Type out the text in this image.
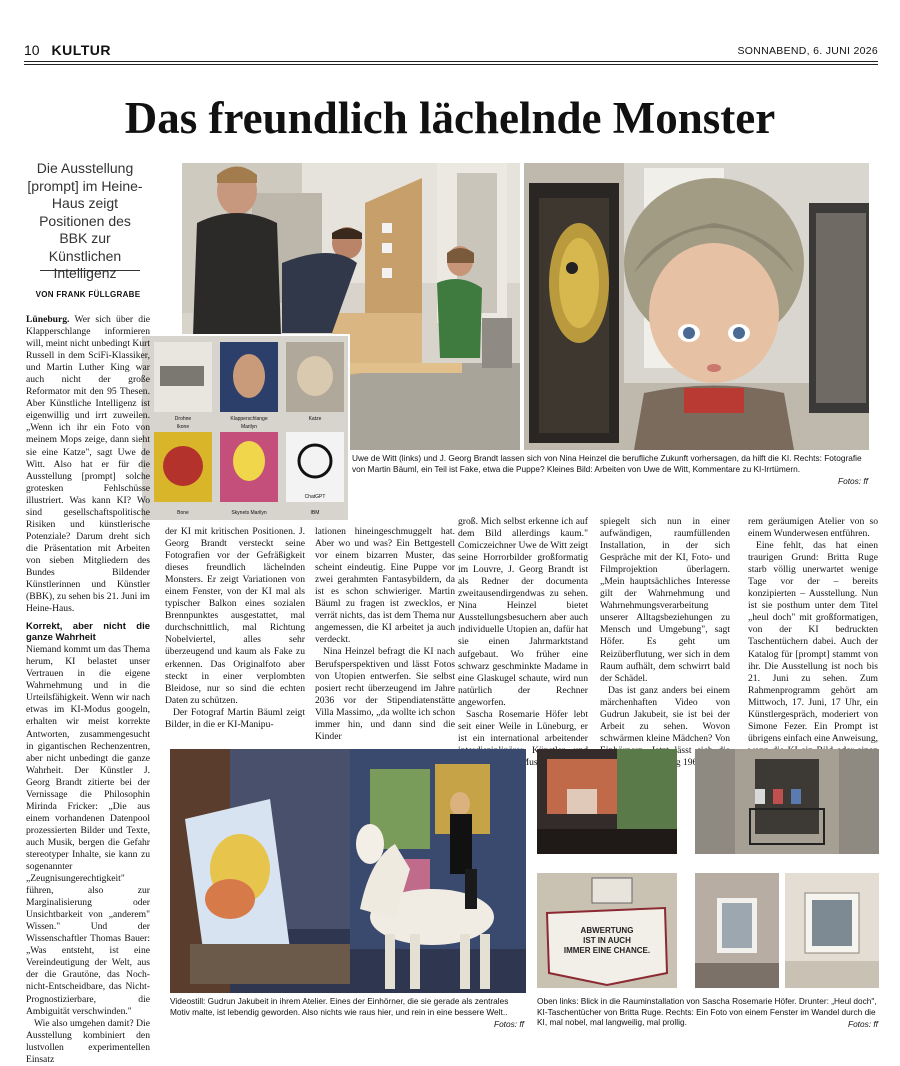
10 KULTUR	SONNABEND, 6. JUNI 2026
Das freundlich lächelnde Monster
Die Ausstellung [prompt] im Heine-Haus zeigt Positionen des BBK zur Künstlichen Intelligenz
VON FRANK FÜLLGRABE
Drohne	Klapperschlange	Katze
Ikone	Marilyn
ChatGPT
Bone	Skynets Marilyn	IBM
Uwe de Witt (links) und J. Georg Brandt lassen sich von Nina Heinzel die berufliche Zukunft vorhersagen, da hilft die KI. Rechts: Fotografie von Martin Bäuml, ein Teil ist Fake, etwa die Puppe? Kleines Bild: Arbeiten von Uwe de Witt, Kommentare zu KI-Irrtümern.
Fotos: ff

Lüneburg. Wer sich über die Klapperschlange informieren will, meint nicht unbedingt Kurt Russell in dem SciFi-Klassiker, und Martin Luther King war auch nicht der große Reformator mit den 95 Thesen. Aber Künstliche Intelligenz ist eigenwillig und irrt zuweilen. „Wenn ich ihr ein Foto von meinem Mops zeige, dann sieht sie eine Katze", sagt Uwe de Witt. Also hat er für die Ausstellung [prompt] solche grotesken Fehlschüsse illustriert. Was kann KI? Wo sind gesellschaftspolitische Risiken und künstlerische Potenziale? Darum dreht sich die Präsentation mit Arbeiten von sieben Mitgliedern des Bundes Bildender Künstlerinnen und Künstler (BBK), zu sehen bis 21. Juni im Heine-Haus.

Korrekt, aber nicht die ganze Wahrheit

Niemand kommt um das Thema herum, KI belastet unser Vertrauen in die eigene Wahrnehmung und in die Urteilsfähigkeit. Wenn wir nach etwas im KI-Modus googeln, erhalten wir meist korrekte Antworten, zusammengesucht in gigantischen Rechenzentren, aber nicht unbedingt die ganze Wahrheit. Der Künstler J. Georg Brandt zitierte bei der Vernissage die Philosophin Mirinda Fricker: „Die aus einem vorhandenen Datenpool prozessierten Bilder und Texte, auch Musik, bergen die Gefahr stereotyper Inhalte, sie kann zu sogenannter „Zeugnisungerechtigkeit" führen, also zur Marginalisierung oder Unsichtbarkeit von „anderem" Wissen." Und der Wissenschaftler Thomas Bauer: „Was entsteht, ist eine Vereindeutigung der Welt, aus der die Grautöne, das Noch-nicht-Entscheidbare, das Nicht-Prognostizierbare, die Ambiguität verschwinden."

Wie also umgehen damit? Die Ausstellung kombiniert den lustvollen experimentellen Einsatz

der KI mit kritischen Positionen. J. Georg Brandt versteckt seine Fotografien vor der Gefräßigkeit dieses freundlich lächelnden Monsters. Er zeigt Variationen von einem Fenster, von der KI mal als typischer Balkon eines sozialen Brennpunktes ausgestattet, mal durchschnittlich, mal Richtung Nobelviertel, alles sehr überzeugend und kaum als Fake zu erkennen. Das Originalfoto aber steckt in einer verplombten Bleidose, nur so sind die echten Daten zu schützen.

Der Fotograf Martin Bäuml zeigt Bilder, in die er KI-Manipu-

lationen hineingeschmuggelt hat. Aber wo und was? Ein Bettgestell vor einem bizarren Muster, das scheint eindeutig. Eine Puppe vor zwei gerahmten Fantasybildern, da ist es schon schwieriger. Martin Bäuml zu fragen ist zwecklos, er verrät nichts, das ist dem Thema nur angemessen, die KI arbeitet ja auch verdeckt.

Nina Heinzel befragt die KI nach Berufsperspektiven und lässt Fotos von Utopien entwerfen. Sie selbst posiert recht überzeugend im Jahre 2036 vor der Stipendiatenstätte Villa Massimo, „da wollte ich schon immer hin, und dann sind die Kinder

groß. Mich selbst erkenne ich auf dem Bild allerdings kaum." Comiczeichner Uwe de Witt zeigt seine Horrorbilder großformatig im Louvre, J. Georg Brandt ist als Redner der documenta zweitausendirgendwas zu sehen. Nina Heinzel bietet Ausstellungsbesuchern aber auch individuelle Utopien an, dafür hat sie einen Jahrmarktstand aufgebaut. Wo früher eine schwarz geschminkte Madame in eine Glaskugel schaute, wird nun natürlich der Rechner angeworfen.

Sascha Rosemarie Höfer lebt seit einer Weile in Lüneburg, er ist ein international arbeitender

spiegelt sich nun in einer aufwändigen, raumfüllenden Installation, in der sich Gespräche mit der KI, Foto- und Filmprojektion überlagern. „Mein hauptsächliches Interesse gilt der Wahrnehmung und Wahrnehmungsverarbeitung unserer Alltagsbeziehungen zu Mensch und Umgebung", sagt Höfer. Es geht um Reizüberflutung, wer sich in dem Raum aufhält, dem schwirrt bald der Schädel.

Das ist ganz anders bei einem märchenhaften Video von Gudrun Jakubeit, sie ist bei der Arbeit zu sehen. Wovon schwärmen kleine Mädchen? Von lässt 1966)

rem geräumigen Atelier von so einem Wunderwesen entführen.

Eine fehlt, das hat einen traurigen Grund: Britta Ruge starb völlig unerwartet wenige Tage vor der – bereits konzipierten – Ausstellung. Nun ist sie posthum unter dem Titel „heul doch" mit großformatigen, von der KI bedruckten Taschentüchern dabei. Auch der Katalog für [prompt] stammt von ihr. Die Ausstellung ist noch bis 21. Juni zu sehen. Zum Rahmenprogramm gehört am Mittwoch, 17. Juni, 17 Uhr, ein Künstlergespräch, moderiert von Simone Fezer. Ein Prompt ist übrigens einfach eine Anweisung,

Videostill: Gudrun Jakubeit in ihrem Atelier. Eines der Einhörner, die sie gerade als zentrales Motiv malte, ist lebendig geworden. Also nichts wie raus hier, und rein in eine bessere Welt..
Fotos: ff
ABWERTUNG IST IN AUCH IMMER EINE CHANCE.
Oben links: Blick in die Rauminstallation von Sascha Rosemarie Höfer. Drunter: „Heul doch", KI-Taschentücher von Britta Ruge. Rechts: Ein Foto von einem Fenster im Wandel durch die KI, mal nobel, mal langweilig, mal prollig.	Fotos: ff
